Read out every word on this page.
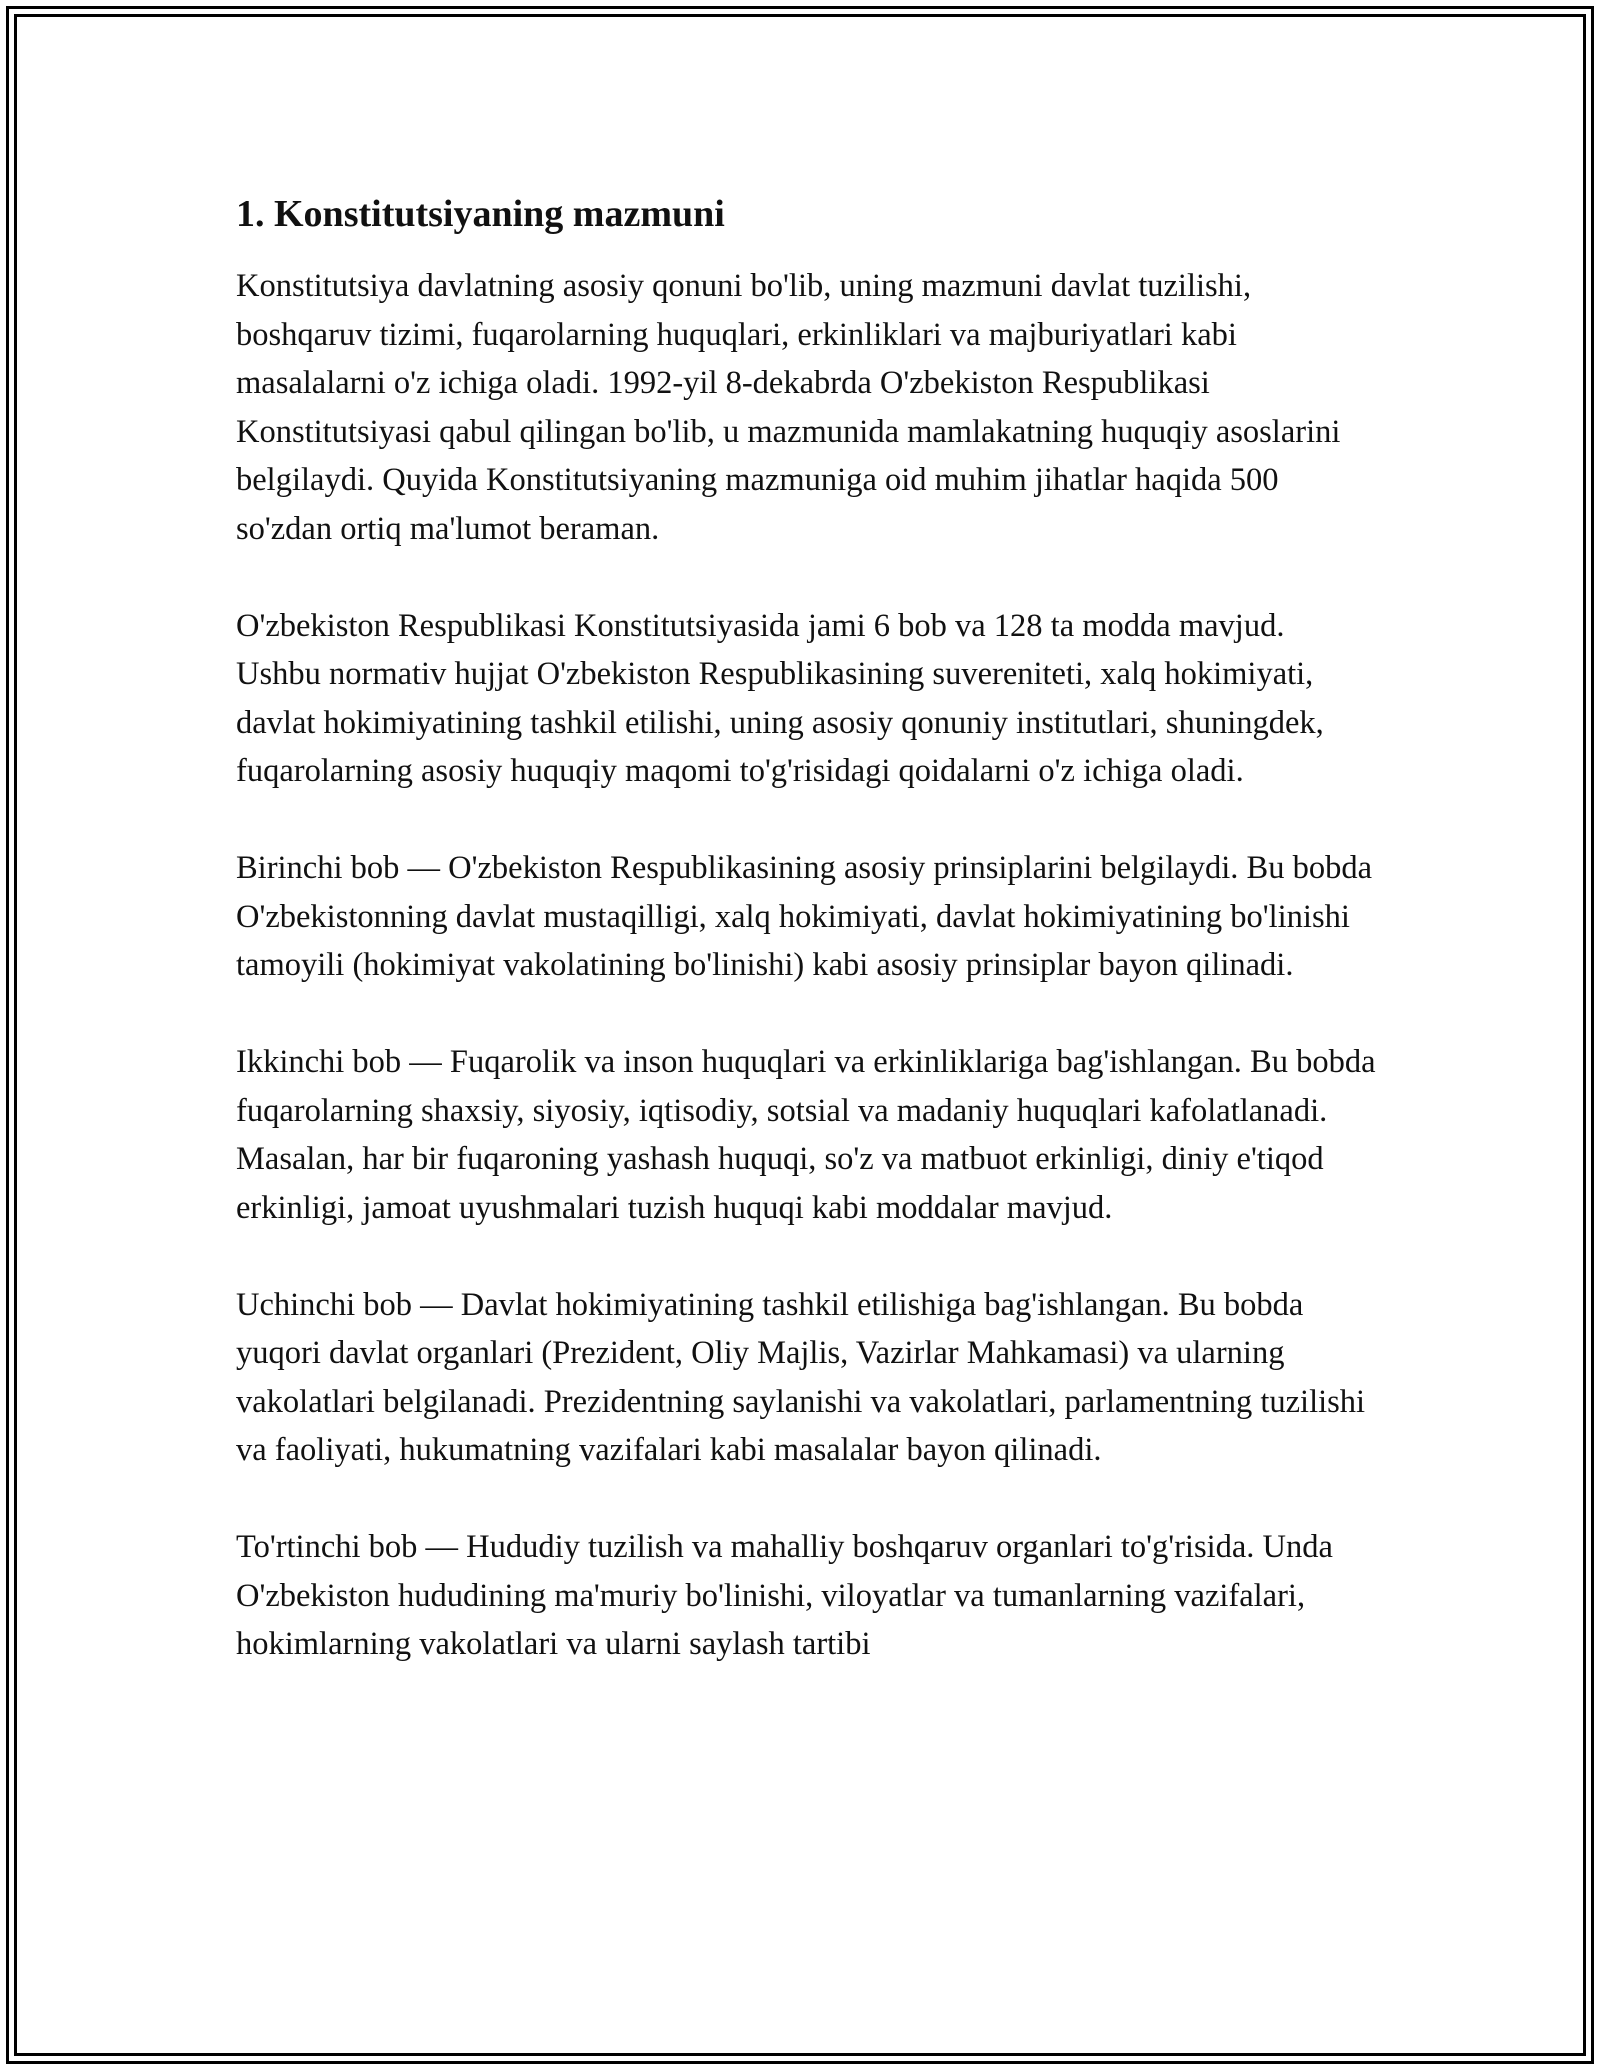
1. Konstitutsiyaning mazmuni

Konstitutsiya davlatning asosiy qonuni bo'lib, uning mazmuni davlat tuzilishi, boshqaruv tizimi, fuqarolarning huquqlari, erkinliklari va majburiyatlari kabi masalalarni o'z ichiga oladi. 1992-yil 8-dekabrda O'zbekiston Respublikasi Konstitutsiyasi qabul qilingan bo'lib, u mazmunida mamlakatning huquqiy asoslarini belgilaydi. Quyida Konstitutsiyaning mazmuniga oid muhim jihatlar haqida 500 so'zdan ortiq ma'lumot beraman.

O'zbekiston Respublikasi Konstitutsiyasida jami 6 bob va 128 ta modda mavjud. Ushbu normativ hujjat O'zbekiston Respublikasining suvereniteti, xalq hokimiyati, davlat hokimiyatining tashkil etilishi, uning asosiy qonuniy institutlari, shuningdek, fuqarolarning asosiy huquqiy maqomi to'g'risidagi qoidalarni o'z ichiga oladi.

Birinchi bob — O'zbekiston Respublikasining asosiy prinsiplarini belgilaydi. Bu bobda O'zbekistonning davlat mustaqilligi, xalq hokimiyati, davlat hokimiyatining bo'linishi tamoyili (hokimiyat vakolatining bo'linishi) kabi asosiy prinsiplar bayon qilinadi.

Ikkinchi bob — Fuqarolik va inson huquqlari va erkinliklariga bag'ishlangan. Bu bobda fuqarolarning shaxsiy, siyosiy, iqtisodiy, sotsial va madaniy huquqlari kafolatlanadi. Masalan, har bir fuqaroning yashash huquqi, so'z va matbuot erkinligi, diniy e'tiqod erkinligi, jamoat uyushmalari tuzish huquqi kabi moddalar mavjud.

Uchinchi bob — Davlat hokimiyatining tashkil etilishiga bag'ishlangan. Bu bobda yuqori davlat organlari (Prezident, Oliy Majlis, Vazirlar Mahkamasi) va ularning vakolatlari belgilanadi. Prezidentning saylanishi va vakolatlari, parlamentning tuzilishi va faoliyati, hukumatning vazifalari kabi masalalar bayon qilinadi.

To'rtinchi bob — Hududiy tuzilish va mahalliy boshqaruv organlari to'g'risida. Unda O'zbekiston hududining ma'muriy bo'linishi, viloyatlar va tumanlarning vazifalari, hokimlarning vakolatlari va ularni saylash tartibi
